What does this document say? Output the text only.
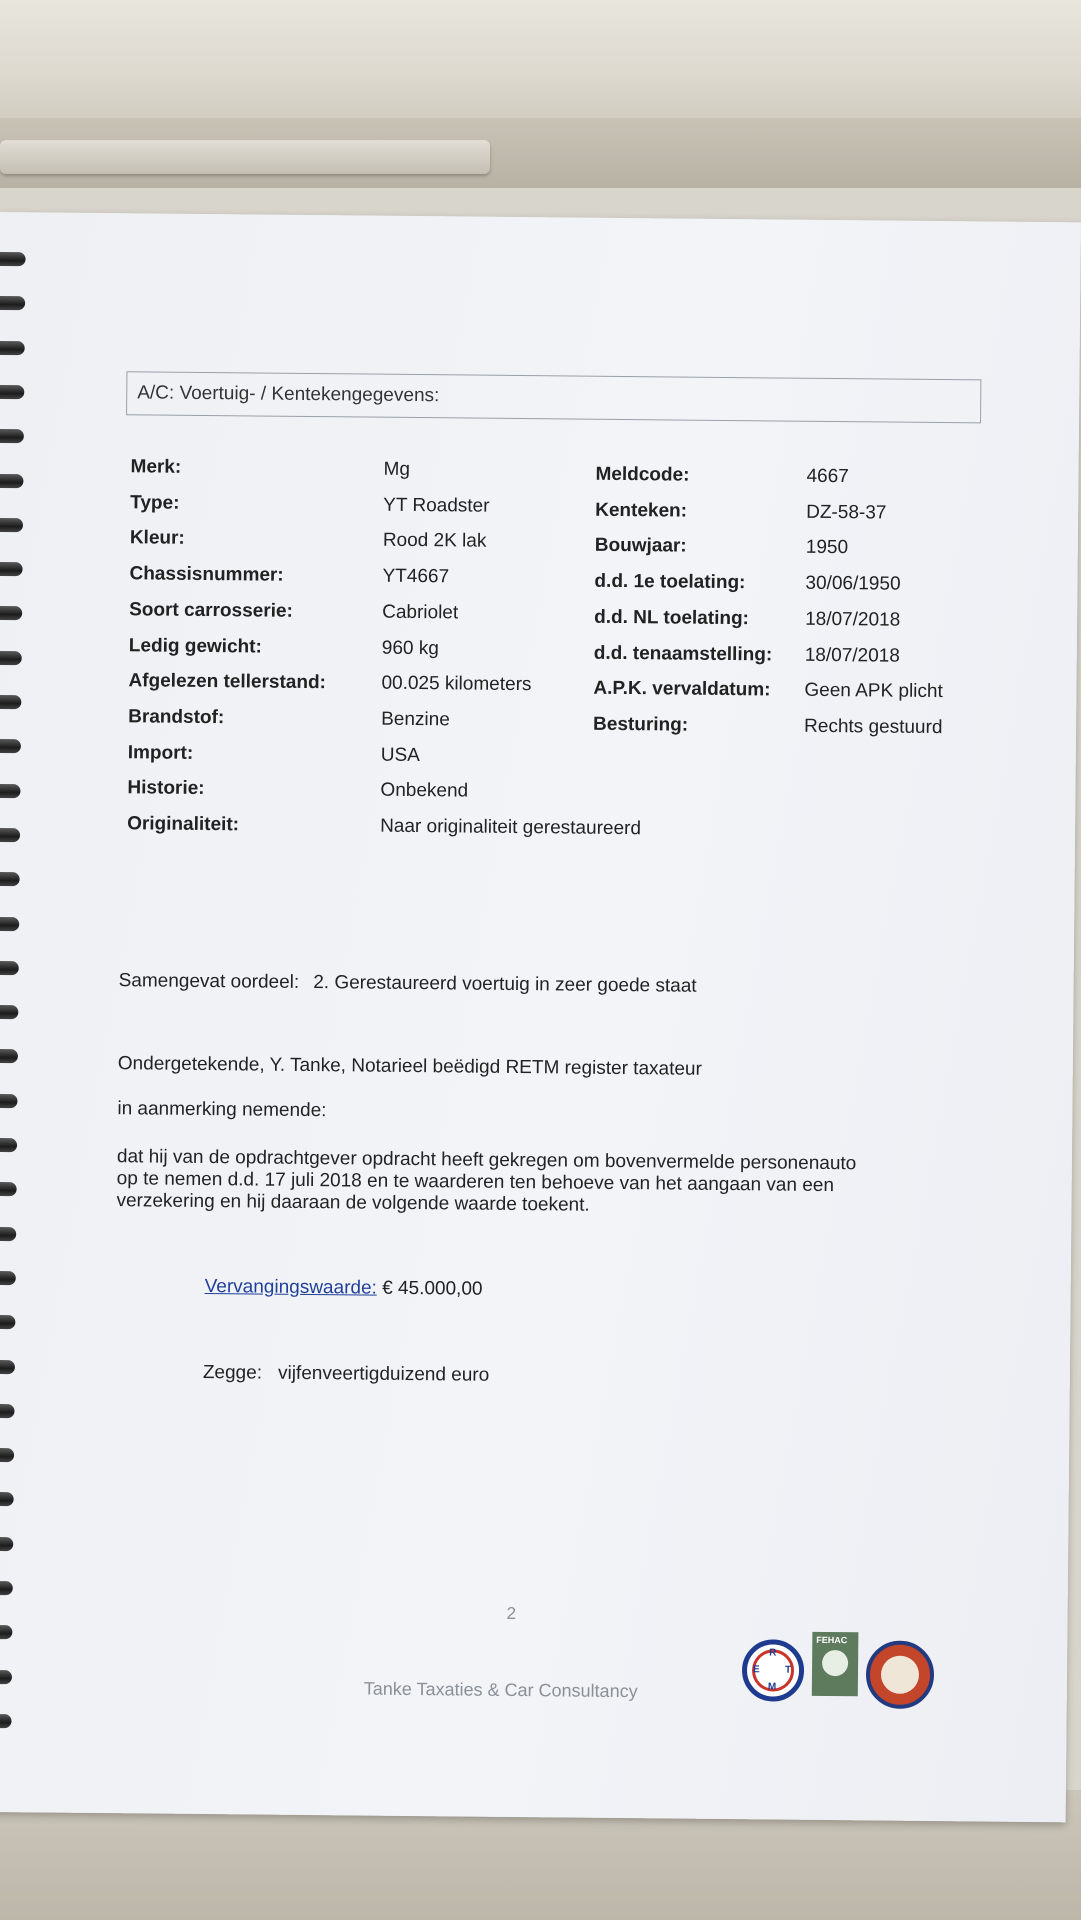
A/C: Voertuig- / Kentekengegevens:
Merk:	Mg
Type:	YT Roadster
Kleur:	Rood 2K lak
Chassisnummer:	YT4667
Soort carrosserie:	Cabriolet
Ledig gewicht:	960 kg
Afgelezen tellerstand:	00.025 kilometers
Brandstof:	Benzine
Import:	USA
Historie:	Onbekend
Originaliteit:	Naar originaliteit gerestaureerd
Meldcode:	4667
Kenteken:	DZ-58-37
Bouwjaar:	1950
d.d. 1e toelating:	30/06/1950
d.d. NL toelating:	18/07/2018
d.d. tenaamstelling: 18/07/2018
A.P.K. vervaldatum: Geen APK plicht
Besturing:	Rechts gestuurd
Samengevat oordeel: 2. Gerestaureerd voertuig in zeer goede staat
Ondergetekende, Y. Tanke, Notarieel beëdigd RETM register taxateur
in aanmerking nemende:
dat hij van de opdrachtgever opdracht heeft gekregen om bovenvermelde personenauto
op te nemen d.d. 17 juli 2018 en te waarderen ten behoeve van het aangaan van een
verzekering en hij daaraan de volgende waarde toekent.
Vervangingswaarde: € 45.000,00
Zegge: vijfenveertigduizend euro
2
Tanke Taxaties & Car Consultancy
R
E	T
M
FEHAC
